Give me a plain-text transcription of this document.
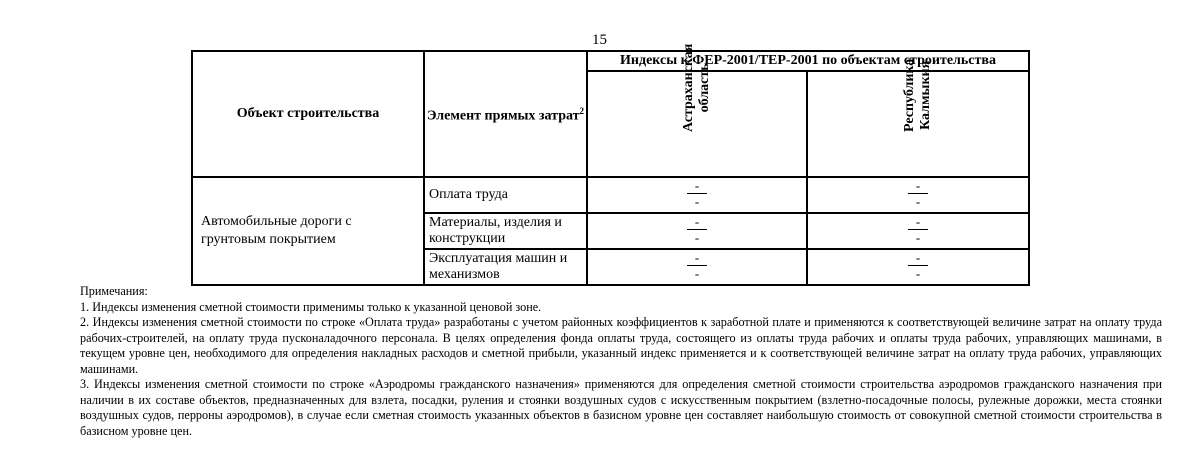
15
Объект строительства	Элемент прямых затрат$^2$	Индексы к ФЕР-2001/ТЕР-2001 по объектам строительства	

		Астраханская область	Республика Калмыкия

Автомобильные дороги с грунтовым покрытием	Оплата труда	$\frac{-}{-}$	$\frac{-}{-}$

	Материалы, изделия и конструкции	$\frac{-}{-}$	$\frac{-}{-}$

	Эксплуатация машин и механизмов	$\frac{-}{-}$	$\frac{-}{-}$

Примечания:

1. Индексы изменения сметной стоимости применимы только к указанной ценовой зоне.

2. Индексы изменения сметной стоимости по строке «Оплата труда» разработаны с учетом районных коэффициентов к заработной плате и применяются к соответствующей величине затрат на оплату труда рабочих-строителей, на оплату труда пусконаладочного персонала. В целях определения фонда оплаты труда, состоящего из оплаты труда рабочих и оплаты труда рабочих, управляющих машинами, в текущем уровне цен, необходимого для определения накладных расходов и сметной прибыли, указанный индекс применяется и к соответствующей величине затрат на оплату труда рабочих, управляющих машинами.

3. Индексы изменения сметной стоимости по строке «Аэродромы гражданского назначения» применяются для определения сметной стоимости строительства аэродромов гражданского назначения при наличии в их составе объектов, предназначенных для взлета, посадки, руления и стоянки воздушных судов с искусственным покрытием (взлетно-посадочные полосы, рулежные дорожки, места стоянки воздушных судов, перроны аэродромов), в случае если сметная стоимость указанных объектов в базисном уровне цен составляет наибольшую стоимость от совокупной сметной стоимости строительства в базисном уровне цен.
